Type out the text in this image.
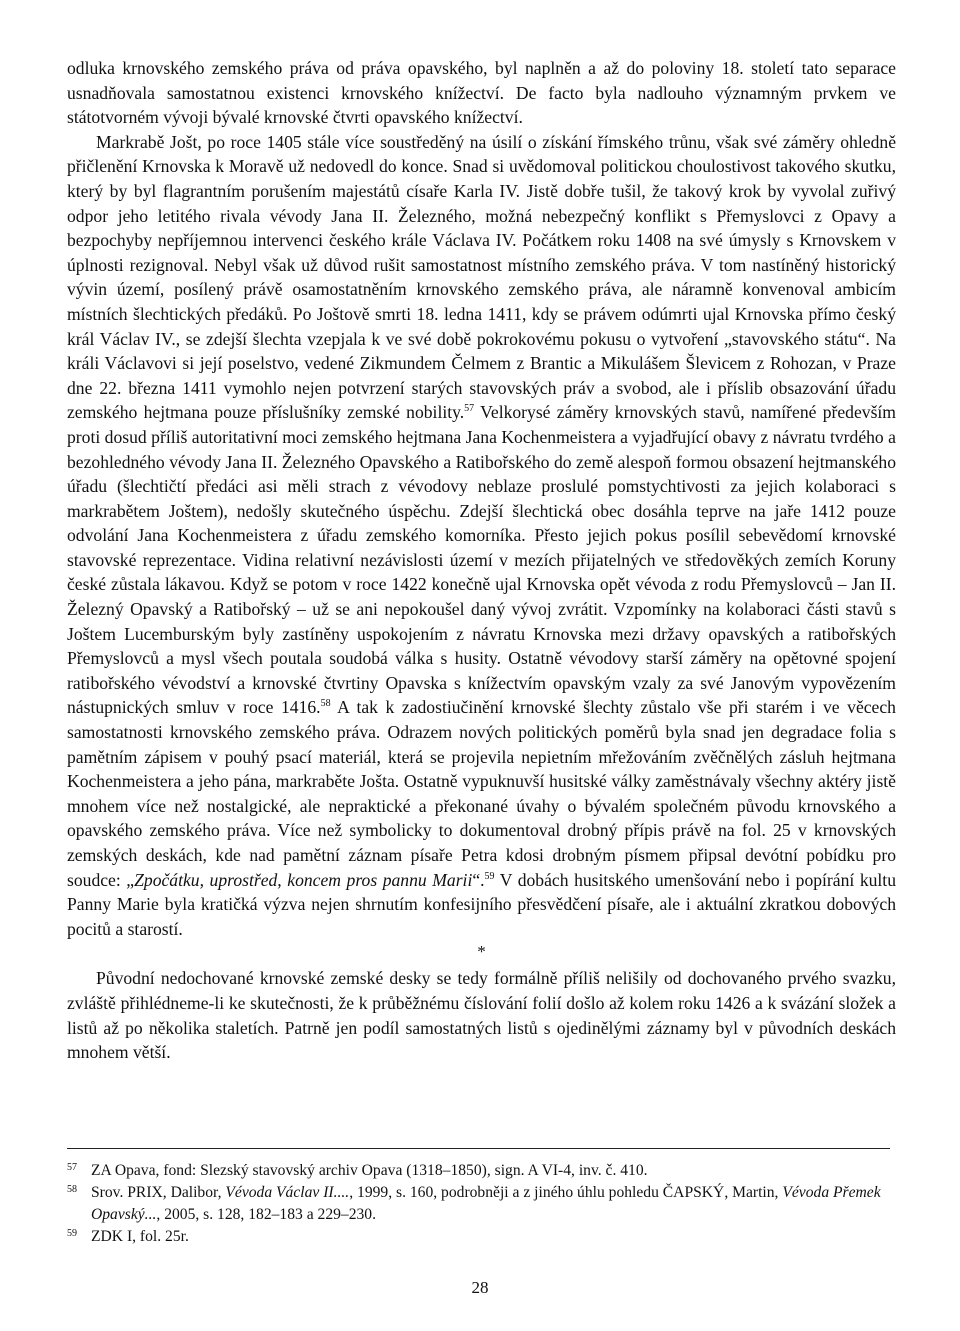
odluka krnovského zemského práva od práva opavského, byl naplněn a až do poloviny 18. století tato separace usnadňovala samostatnou existenci krnovského knížectví. De facto byla nadlouho významným prvkem ve státotvorném vývoji bývalé krnovské čtvrti opavského knížectví.

Markrabě Jošt, po roce 1405 stále více soustředěný na úsilí o získání římského trůnu, však své záměry ohledně přičlenění Krnovska k Moravě už nedovedl do konce. Snad si uvědomoval politickou choulostivost takového skutku, který by byl flagrantním porušením majestátů císaře Karla IV. Jistě dobře tušil, že takový krok by vyvolal zuřivý odpor jeho letitého rivala vévody Jana II. Železného, možná nebezpečný konflikt s Přemyslovci z Opavy a bezpochyby nepříjemnou intervenci českého krále Václava IV. Počátkem roku 1408 na své úmysly s Krnovskem v úplnosti rezignoval. Nebyl však už důvod rušit samostatnost místního zemského práva. V tom nastíněný historický vývin území, posílený právě osamostatněním krnovského zemského práva, ale náramně konvenoval ambicím místních šlechtických předáků. Po Joštově smrti 18. ledna 1411, kdy se právem odúmrti ujal Krnovska přímo český král Václav IV., se zdejší šlechta vzepjala k ve své době pokrokovému pokusu o vytvoření „stavovského státu“. Na králi Václavovi si její poselstvo, vedené Zikmundem Čelmem z Brantic a Mikulášem Šlevicem z Rohozan, v Praze dne 22. března 1411 vymohlo nejen potvrzení starých stavovských práv a svobod, ale i příslib obsazování úřadu zemského hejtmana pouze příslušníky zemské nobility.$^{57}$ Velkorysé záměry krnovských stavů, namířené především proti dosud příliš autoritativní moci zemského hejtmana Jana Kochenmeistera a vyjadřující obavy z návratu tvrdého a bezohledného vévody Jana II. Železného Opavského a Ratibořského do země alespoň formou obsazení hejtmanského úřadu (šlechtičtí předáci asi měli strach z vévodovy neblaze proslulé pomstychtivosti za jejich kolaboraci s markrabětem Joštem), nedošly skutečného úspěchu. Zdejší šlechtická obec dosáhla teprve na jaře 1412 pouze odvolání Jana Kochenmeistera z úřadu zemského komorníka. Přesto jejich pokus posílil sebevědomí krnovské stavovské reprezentace. Vidina relativní nezávislosti území v mezích přijatelných ve středověkých zemích Koruny české zůstala lákavou. Když se potom v roce 1422 konečně ujal Krnovska opět vévoda z rodu Přemyslovců – Jan II. Železný Opavský a Ratibořský – už se ani nepokoušel daný vývoj zvrátit. Vzpomínky na kolaboraci části stavů s Joštem Lucemburským byly zastíněny uspokojením z návratu Krnovska mezi državy opavských a ratibořských Přemyslovců a mysl všech poutala soudobá válka s husity. Ostatně vévodovy starší záměry na opětovné spojení ratibořského vévodství a krnovské čtvrtiny Opavska s knížectvím opavským vzaly za své Janovým vypovězením nástupnických smluv v roce 1416.58 A tak k zadostiučinění krnovské šlechty zůstalo vše při starém i ve věcech samostatnosti krnovského zemského práva. Odrazem nových politických poměrů byla snad jen degradace folia s pamětním zápisem v pouhý psací materiál, která se projevila nepietním mřežováním zvěčnělých zásluh hejtmana Kochenmeistera a jeho pána, markraběte Jošta. Ostatně vypuknuvší husitské války zaměstnávaly všechny aktéry jistě mnohem více než nostalgické, ale nepraktické a překonané úvahy o bývalém společném původu krnovského a opavského zemského práva. Více než symbolicky to dokumentoval drobný přípis právě na fol. 25 v krnovských zemských deskách, kde nad pamětní záznam písaře Petra kdosi drobným písmem připsal devótní pobídku pro soudce: „Zpočátku, uprostřed, koncem pros pannu Marii“.$^{59}$ V dobách husitského umenšování nebo i popírání kultu Panny Marie byla kratičká výzva nejen shrnutím konfesijního přesvědčení písaře, ale i aktuální zkratkou dobových pocitů a starostí.

*

Původní nedochované krnovské zemské desky se tedy formálně příliš nelišily od dochovaného prvého svazku, zvláště přihlédneme-li ke skutečnosti, že k průběžnému číslování folií došlo až kolem roku 1426 a k svázání složek a listů až po několika staletích. Patrně jen podíl samostatných listů s ojedinělými záznamy byl v původních deskách mnohem větší.

57 ZA Opava, fond: Slezský stavovský archiv Opava (1318–1850), sign. A VI-4, inv. č. 410.

58 Srov. PRIX, Dalibor, Vévoda Václav II...., 1999, s. 160, podrobněji a z jiného úhlu pohledu ČAPSKÝ, Martin, Vévoda Přemek Opavský..., 2005, s. 128, 182–183 a 229–230.

59 ZDK I, fol. 25r.

28
